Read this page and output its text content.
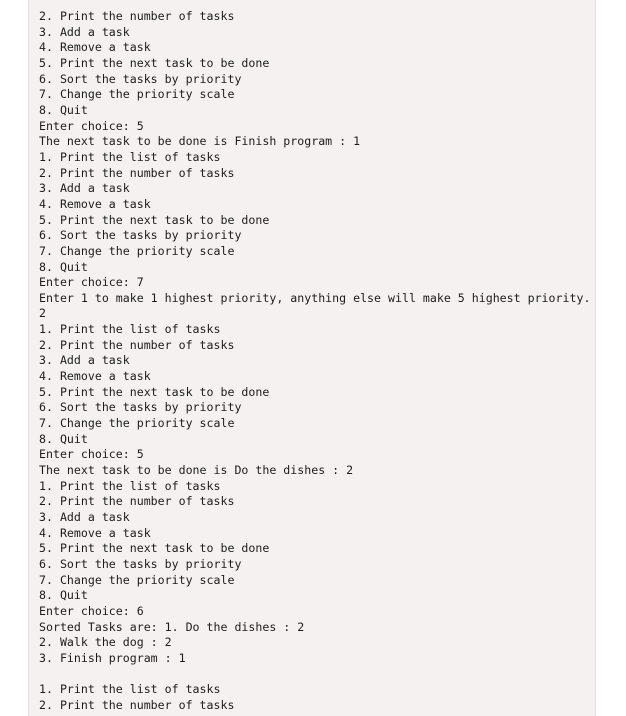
2. Print the number of tasks
3. Add a task
4. Remove a task
5. Print the next task to be done
6. Sort the tasks by priority
7. Change the priority scale
8. Quit
Enter choice: 5
The next task to be done is Finish program : 1
1. Print the list of tasks
2. Print the number of tasks
3. Add a task
4. Remove a task
5. Print the next task to be done
6. Sort the tasks by priority
7. Change the priority scale
8. Quit
Enter choice: 7
Enter 1 to make 1 highest priority, anything else will make 5 highest priority.
2
1. Print the list of tasks
2. Print the number of tasks
3. Add a task
4. Remove a task
5. Print the next task to be done
6. Sort the tasks by priority
7. Change the priority scale
8. Quit
Enter choice: 5
The next task to be done is Do the dishes : 2
1. Print the list of tasks
2. Print the number of tasks
3. Add a task
4. Remove a task
5. Print the next task to be done
6. Sort the tasks by priority
7. Change the priority scale
8. Quit
Enter choice: 6
Sorted Tasks are: 1. Do the dishes : 2
2. Walk the dog : 2
3. Finish program : 1
1. Print the list of tasks
2. Print the number of tasks
